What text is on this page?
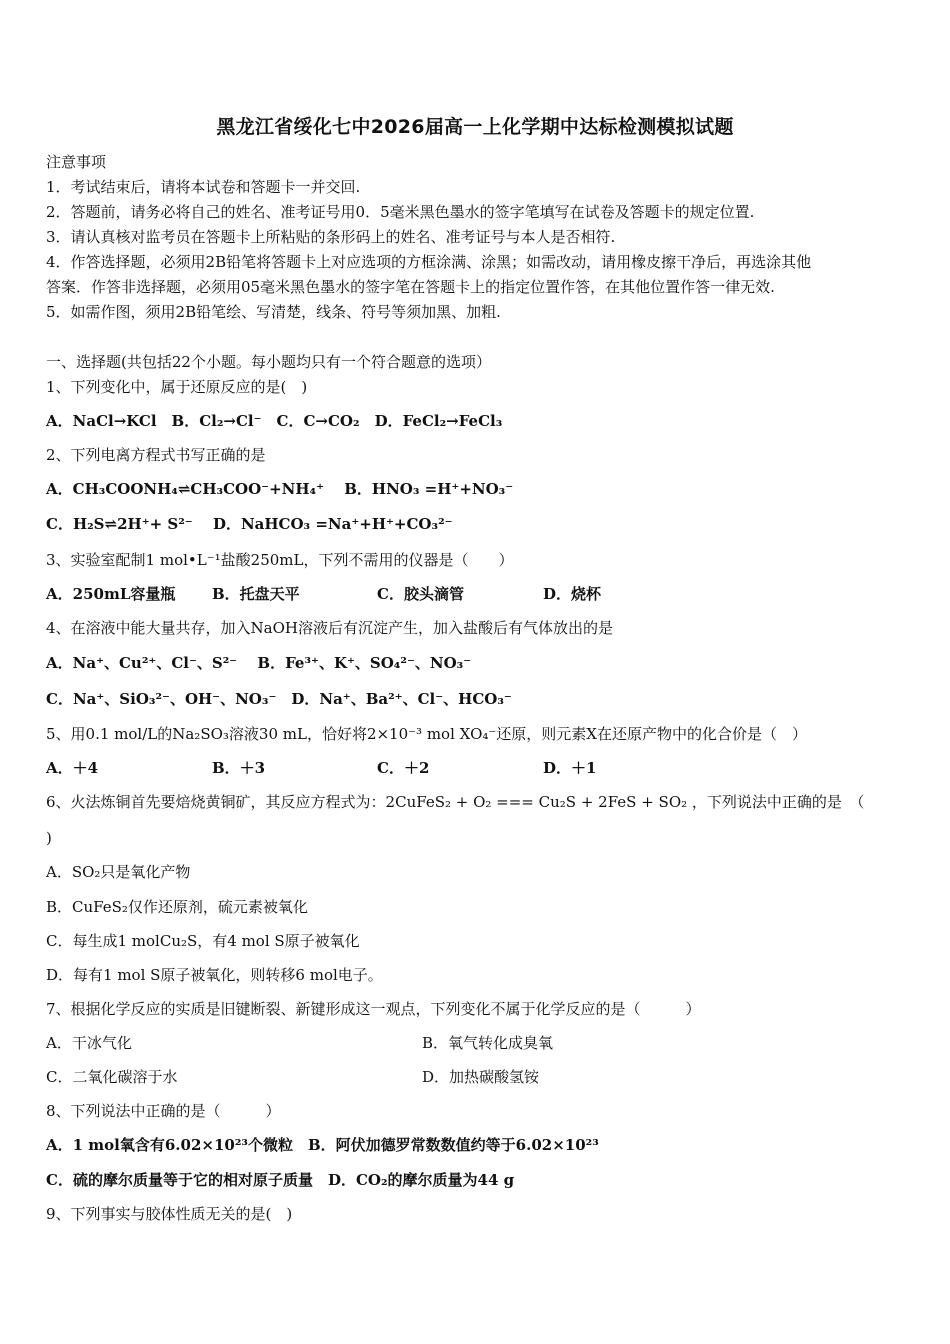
黑龙江省绥化七中2026届高一上化学期中达标检测模拟试题
注意事项
1．考试结束后，请将本试卷和答题卡一并交回.
2．答题前，请务必将自己的姓名、准考证号用0．5毫米黑色墨水的签字笔填写在试卷及答题卡的规定位置.
3．请认真核对监考员在答题卡上所粘贴的条形码上的姓名、准考证号与本人是否相符.
4．作答选择题，必须用2B铅笔将答题卡上对应选项的方框涂满、涂黑；如需改动，请用橡皮擦干净后，再选涂其他
答案．作答非选择题，必须用05毫米黑色墨水的签字笔在答题卡上的指定位置作答，在其他位置作答一律无效.
5．如需作图，须用2B铅笔绘、写清楚，线条、符号等须加黑、加粗.
一、选择题(共包括22个小题。每小题均只有一个符合题意的选项）
1、下列变化中，属于还原反应的是(　)
A．NaCl→KCl　B．Cl₂→Cl⁻　C．C→CO₂　D．FeCl₂→FeCl₃
2、下列电离方程式书写正确的是
A．CH₃COONH₄⇌CH₃COO⁻+NH₄⁺　 B．HNO₃ =H⁺+NO₃⁻
C．H₂S⇌2H⁺+ S²⁻　 D．NaHCO₃ =Na⁺+H⁺+CO₃²⁻
3、实验室配制1 mol•L⁻¹盐酸250mL，下列不需用的仪器是（　　）
A．250mL容量瓶 B．托盘天平	C．胶头滴管	D．烧杯
4、在溶液中能大量共存，加入NaOH溶液后有沉淀产生，加入盐酸后有气体放出的是
A．Na⁺、Cu²⁺、Cl⁻、S²⁻　 B．Fe³⁺、K⁺、SO₄²⁻、NO₃⁻
C．Na⁺、SiO₃²⁻、OH⁻、NO₃⁻　D．Na⁺、Ba²⁺、Cl⁻、HCO₃⁻
5、用0.1 mol/L的Na₂SO₃溶液30 mL，恰好将2×10⁻³ mol XO₄⁻还原，则元素X在还原产物中的化合价是（　）
A．＋4	B．＋3	C．＋2	D．＋1
6、火法炼铜首先要焙烧黄铜矿，其反应方程式为：2CuFeS₂ + O₂ === Cu₂S + 2FeS + SO₂ ，下列说法中正确的是　（
)
A．SO₂只是氧化产物
B．CuFeS₂仅作还原剂，硫元素被氧化
C．每生成1 molCu₂S，有4 mol S原子被氧化
D．每有1 mol S原子被氧化，则转移6 mol电子。
7、根据化学反应的实质是旧键断裂、新键形成这一观点，下列变化不属于化学反应的是（　　　）
A．干冰气化	B．氧气转化成臭氧
C．二氧化碳溶于水	D．加热碳酸氢铵
8、下列说法中正确的是（　　　）
A．1 mol氧含有6.02×10²³个微粒　B．阿伏加德罗常数数值约等于6.02×10²³
C．硫的摩尔质量等于它的相对原子质量　D．CO₂的摩尔质量为44 g
9、下列事实与胶体性质无关的是(　)
